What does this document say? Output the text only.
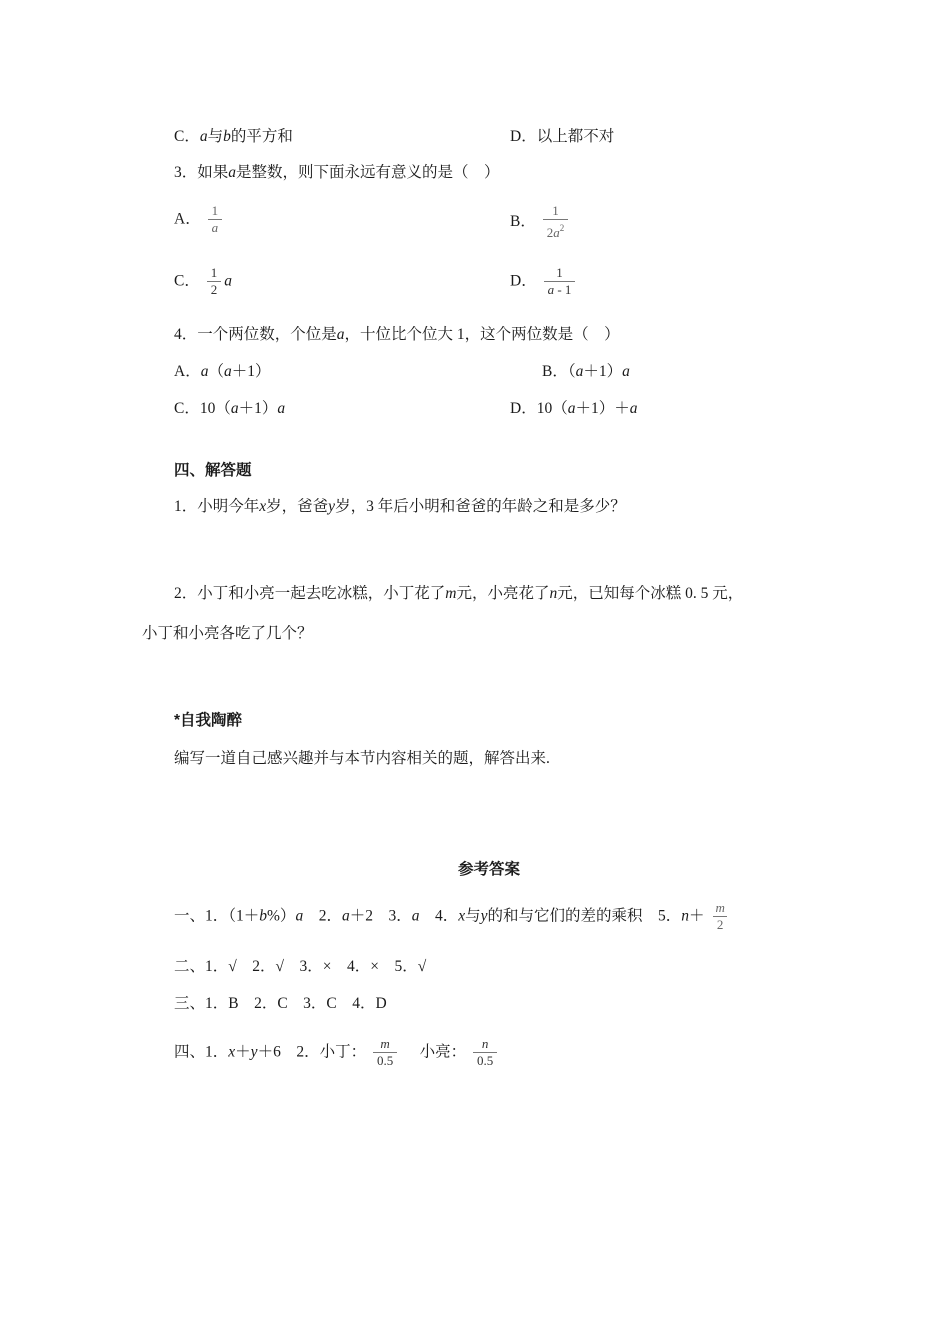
C．a与b的平方和	D．以上都不对
3．如果a是整数，则下面永远有意义的是（　）
A． $\frac{1}{a}$	B． $\frac{1}{2a^2}$
C． $\frac{1}{2}$ a	D． $\frac{1}{a - 1}$
4．一个两位数，个位是a，十位比个位大 1，这个两位数是（　）
A．a（a＋1）	B．（a＋1）a
C．10（a＋1）a	D．10（a＋1）＋a
四、解答题
1．小明今年x岁，爸爸y岁，3 年后小明和爸爸的年龄之和是多少？
2．小丁和小亮一起去吃冰糕，小丁花了m元，小亮花了n元，已知每个冰糕 0. 5 元，
小丁和小亮各吃了几个？
*自我陶醉
编写一道自己感兴趣并与本节内容相关的题，解答出来.
参考答案
一、1．（1＋b%）a　2．a＋2　3．a　4．x与y的和与它们的差的乘积　5．$n+ \frac{m}{2}$
二、1．√　2．√　3．×　4．×　5．√
三、1．B　2．C　3．C　4．D
四、1．x＋y＋6　2．小丁： $\frac{m}{0.5}$ 　小亮： $\frac{n}{0.5}$
